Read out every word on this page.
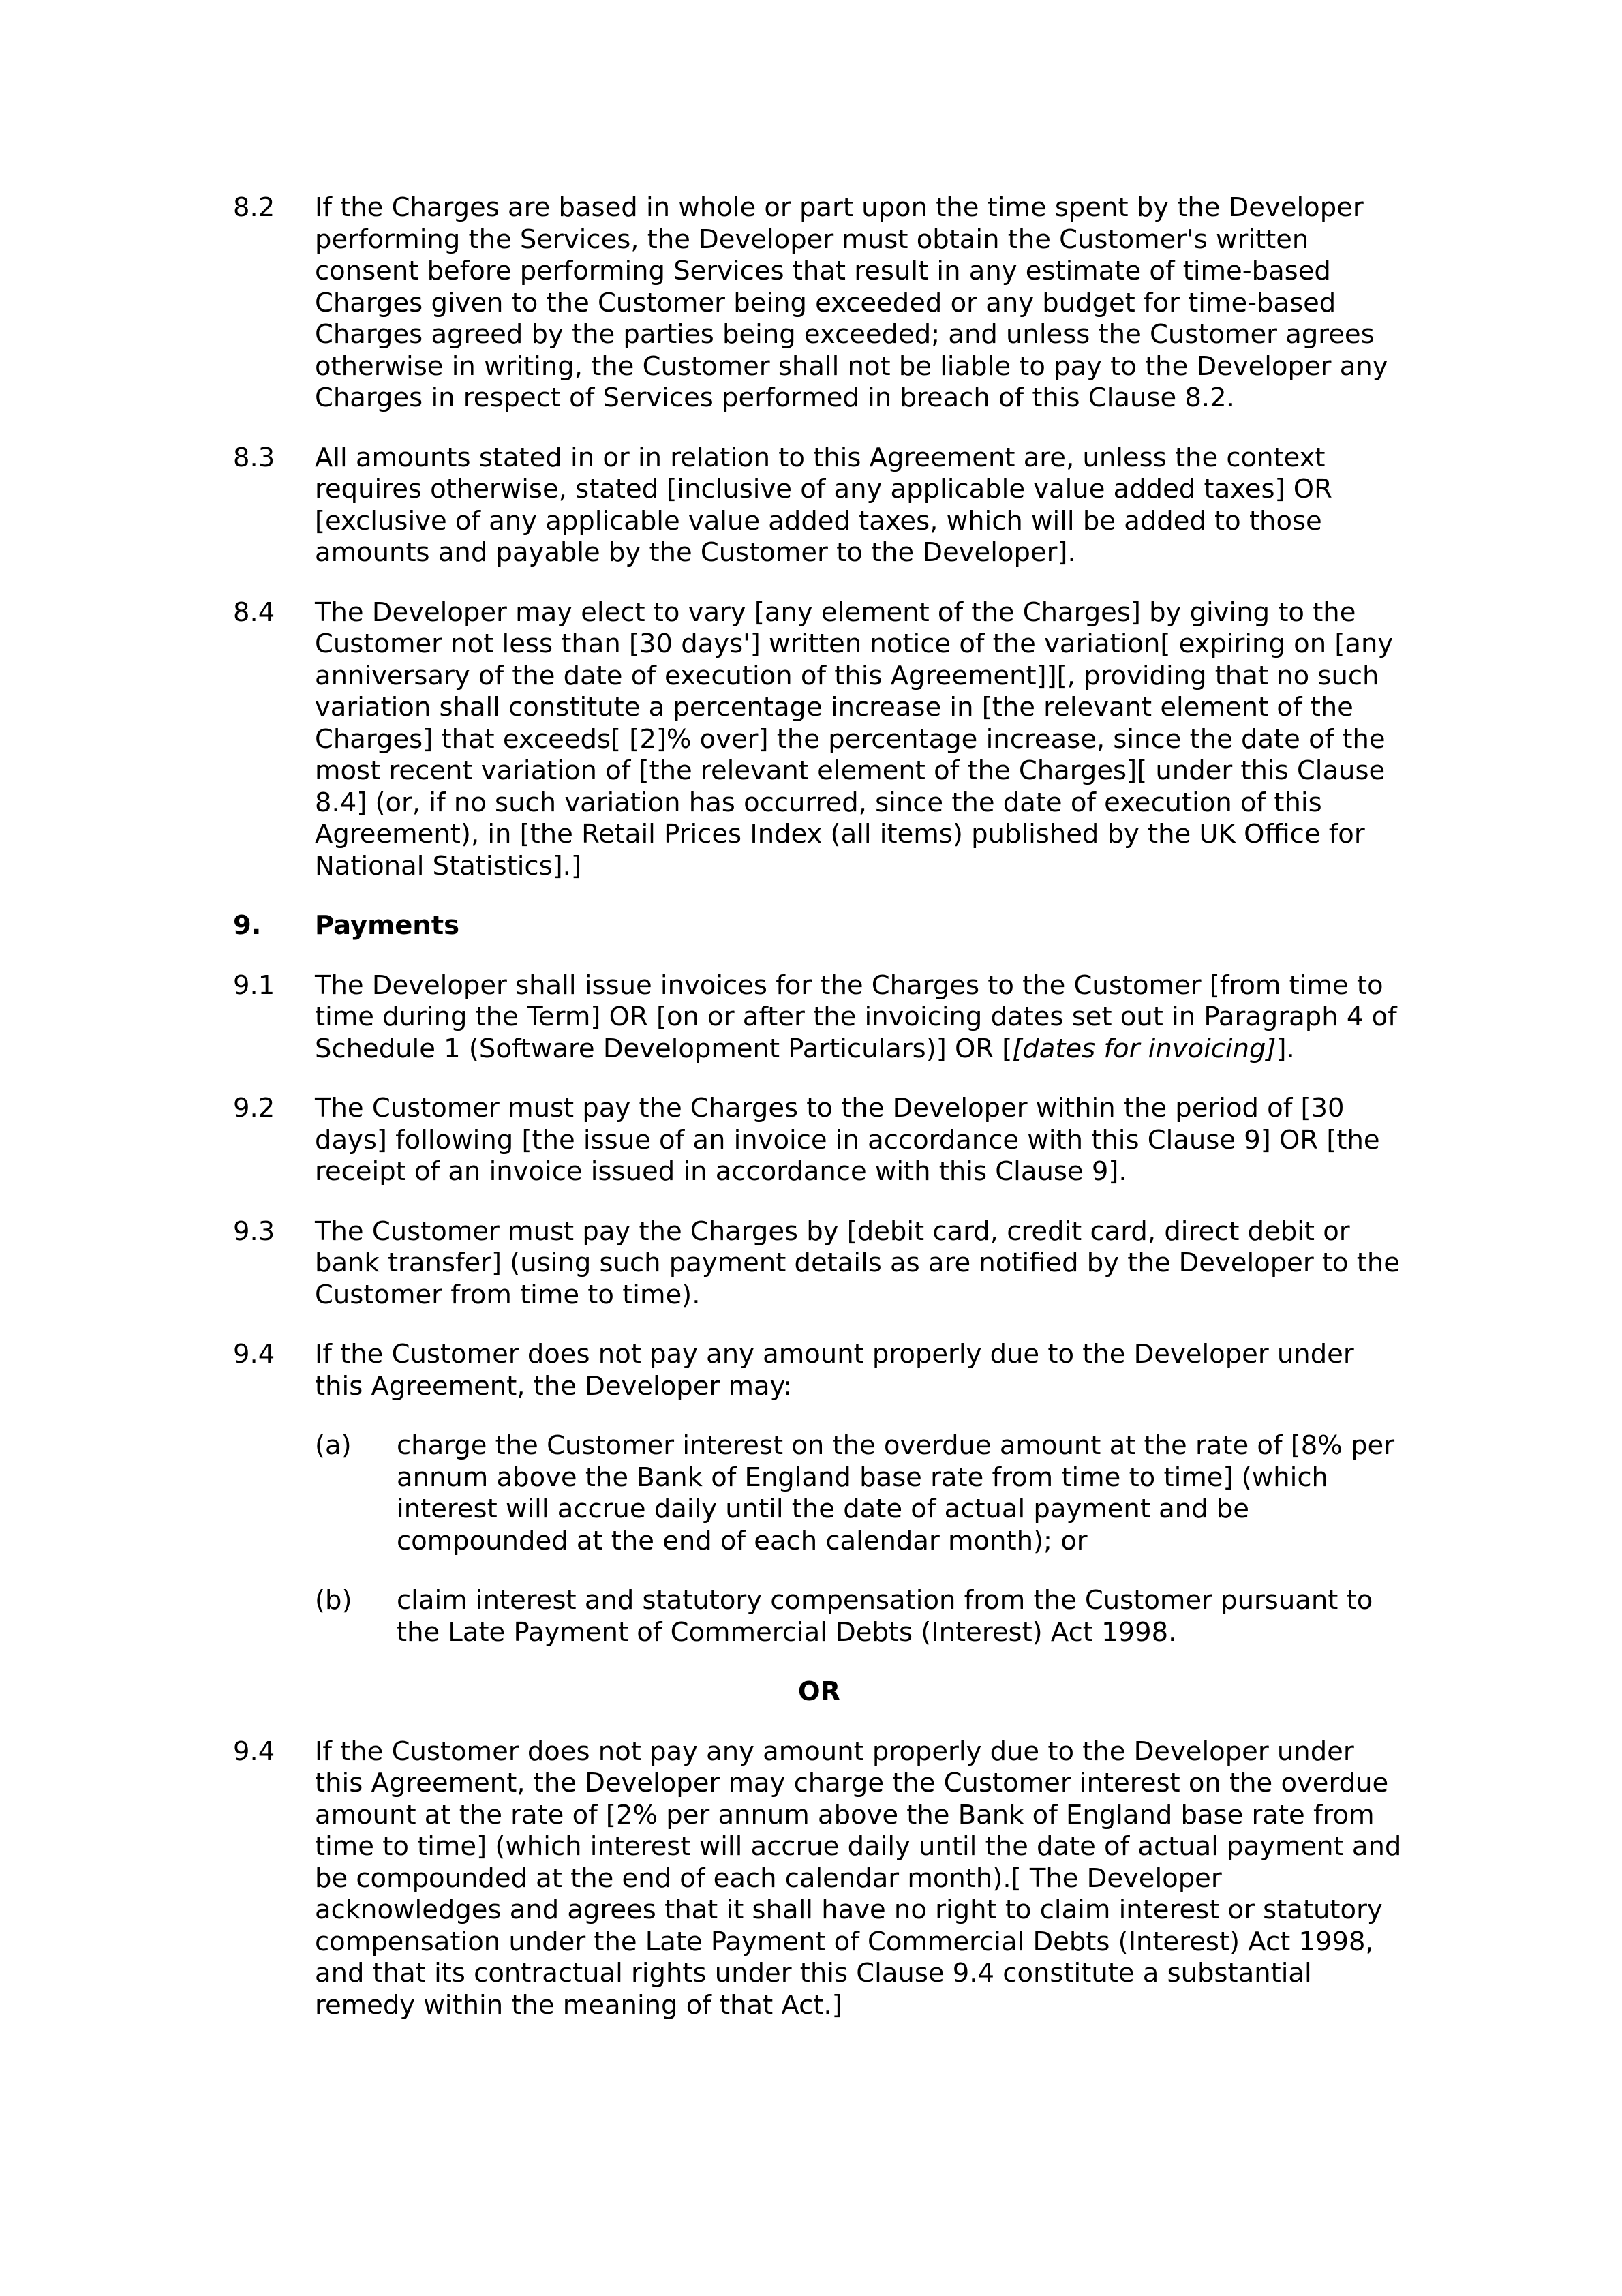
8.2 If the Charges are based in whole or part upon the time spent by the Developer performing the Services, the Developer must obtain the Customer's written consent before performing Services that result in any estimate of time-based Charges given to the Customer being exceeded or any budget for time-based Charges agreed by the parties being exceeded; and unless the Customer agrees otherwise in writing, the Customer shall not be liable to pay to the Developer any Charges in respect of Services performed in breach of this Clause 8.2.
8.3 All amounts stated in or in relation to this Agreement are, unless the context requires otherwise, stated [inclusive of any applicable value added taxes] OR [exclusive of any applicable value added taxes, which will be added to those amounts and payable by the Customer to the Developer].
8.4 The Developer may elect to vary [any element of the Charges] by giving to the Customer not less than [30 days'] written notice of the variation[ expiring on [any anniversary of the date of execution of this Agreement]][, providing that no such variation shall constitute a percentage increase in [the relevant element of the Charges] that exceeds[ [2]% over] the percentage increase, since the date of the most recent variation of [the relevant element of the Charges][ under this Clause 8.4] (or, if no such variation has occurred, since the date of execution of this Agreement), in [the Retail Prices Index (all items) published by the UK Office for National Statistics].]
9. Payments
9.1 The Developer shall issue invoices for the Charges to the Customer [from time to time during the Term] OR [on or after the invoicing dates set out in Paragraph 4 of Schedule 1 (Software Development Particulars)] OR [[dates for invoicing]].
9.2 The Customer must pay the Charges to the Developer within the period of [30 days] following [the issue of an invoice in accordance with this Clause 9] OR [the receipt of an invoice issued in accordance with this Clause 9].
9.3 The Customer must pay the Charges by [debit card, credit card, direct debit or bank transfer] (using such payment details as are notified by the Developer to the Customer from time to time).
9.4 If the Customer does not pay any amount properly due to the Developer under this Agreement, the Developer may:
(a) charge the Customer interest on the overdue amount at the rate of [8% per annum above the Bank of England base rate from time to time] (which interest will accrue daily until the date of actual payment and be compounded at the end of each calendar month); or
(b) claim interest and statutory compensation from the Customer pursuant to the Late Payment of Commercial Debts (Interest) Act 1998.
OR
9.4 If the Customer does not pay any amount properly due to the Developer under this Agreement, the Developer may charge the Customer interest on the overdue amount at the rate of [2% per annum above the Bank of England base rate from time to time] (which interest will accrue daily until the date of actual payment and be compounded at the end of each calendar month).[ The Developer acknowledges and agrees that it shall have no right to claim interest or statutory compensation under the Late Payment of Commercial Debts (Interest) Act 1998, and that its contractual rights under this Clause 9.4 constitute a substantial remedy within the meaning of that Act.]
